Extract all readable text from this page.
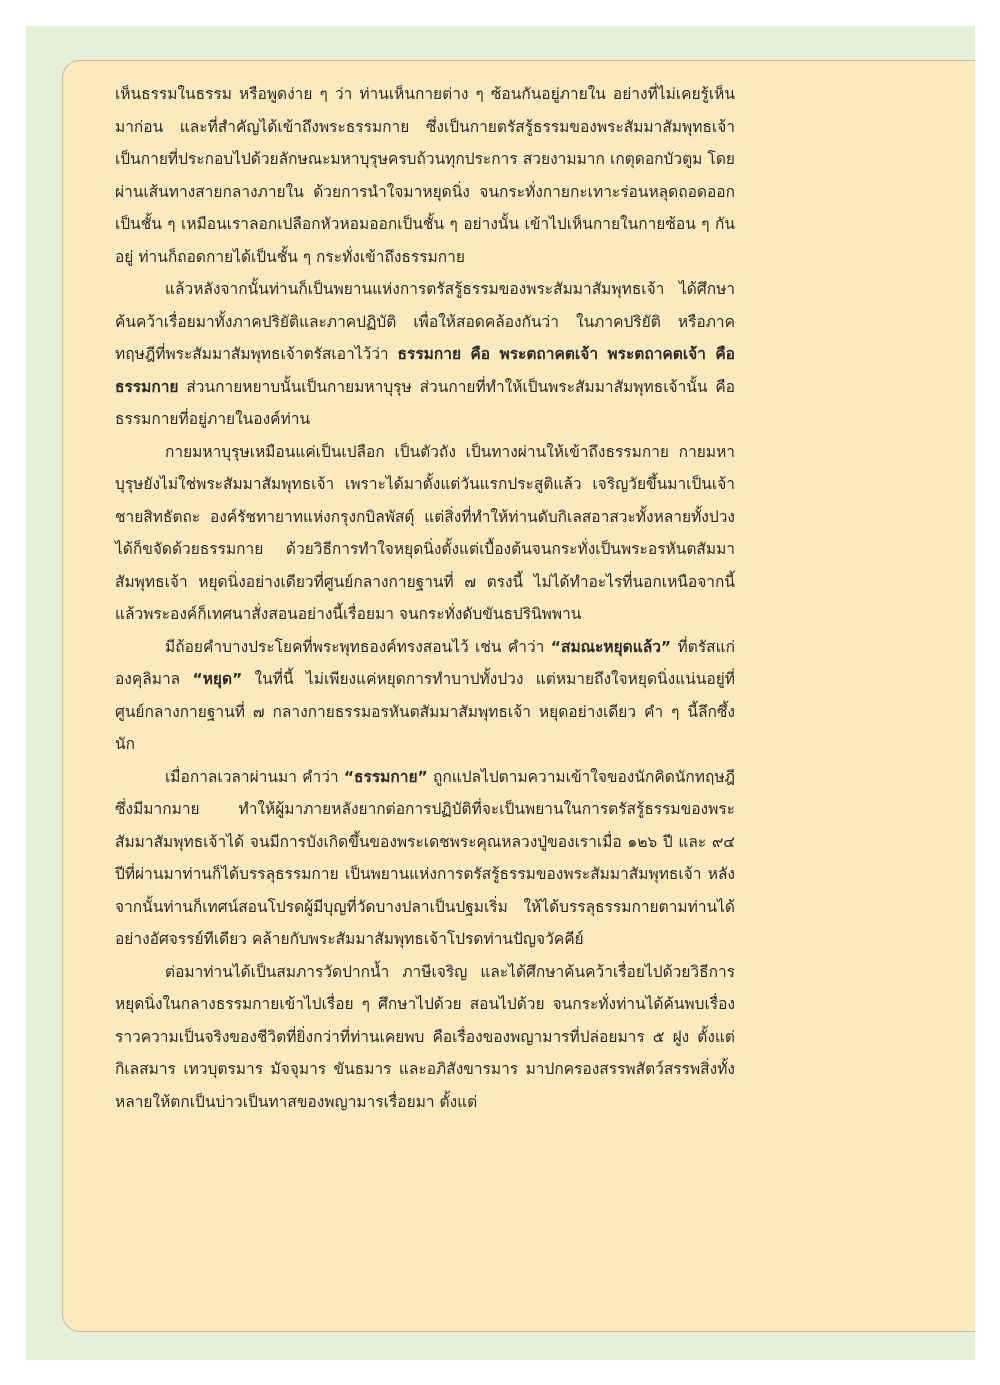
เห็นธรรมในธรรม หรือพูดง่าย ๆ ว่า ท่านเห็นกายต่าง ๆ ซ้อนกันอยู่ภายใน อย่างที่ไม่เคยรู้เห็นมาก่อน และที่สำคัญได้เข้าถึงพระธรรมกาย ซึ่งเป็นกายตรัสรู้ธรรมของพระสัมมาสัมพุทธเจ้า เป็นกายที่ประกอบไปด้วยลักษณะมหาบุรุษครบถ้วนทุกประการ สวยงามมาก เกตุดอกบัวตูม โดยผ่านเส้นทางสายกลางภายใน ด้วยการนำใจมาหยุดนิ่ง จนกระทั่งกายกะเทาะร่อนหลุดถอดออกเป็นชั้น ๆ เหมือนเราลอกเปลือกหัวหอมออกเป็นชั้น ๆ อย่างนั้น เข้าไปเห็นกายในกายซ้อน ๆ กันอยู่ ท่านก็ถอดกายได้เป็นชั้น ๆ กระทั่งเข้าถึงธรรมกาย

แล้วหลังจากนั้นท่านก็เป็นพยานแห่งการตรัสรู้ธรรมของพระสัมมาสัมพุทธเจ้า ได้ศึกษาค้นคว้าเรื่อยมาทั้งภาคปริยัติและภาคปฏิบัติ เพื่อให้สอดคล้องกันว่า ในภาคปริยัติ หรือภาคทฤษฎีที่พระสัมมาสัมพุทธเจ้าตรัสเอาไว้ว่า ธรรมกาย คือ พระตถาคตเจ้า พระตถาคตเจ้า คือ ธรรมกาย ส่วนกายหยาบนั้นเป็นกายมหาบุรุษ ส่วนกายที่ทำให้เป็นพระสัมมาสัมพุทธเจ้านั้น คือ ธรรมกายที่อยู่ภายในองค์ท่าน

กายมหาบุรุษเหมือนแค่เป็นเปลือก เป็นตัวถัง เป็นทางผ่านให้เข้าถึงธรรมกาย กายมหาบุรุษยังไม่ใช่พระสัมมาสัมพุทธเจ้า เพราะได้มาตั้งแต่วันแรกประสูติแล้ว เจริญวัยขึ้นมาเป็นเจ้าชายสิทธัตถะ องค์รัชทายาทแห่งกรุงกบิลพัสดุ์ แต่สิ่งที่ทำให้ท่านดับกิเลสอาสวะทั้งหลายทั้งปวงได้ก็ขจัดด้วยธรรมกาย ด้วยวิธีการทำใจหยุดนิ่งตั้งแต่เบื้องต้นจนกระทั่งเป็นพระอรหันตสัมมาสัมพุทธเจ้า หยุดนิ่งอย่างเดียวที่ศูนย์กลางกายฐานที่ ๗ ตรงนี้ ไม่ได้ทำอะไรที่นอกเหนือจากนี้ แล้วพระองค์ก็เทศนาสั่งสอนอย่างนี้เรื่อยมา จนกระทั่งดับขันธปรินิพพาน

มีถ้อยคำบางประโยคที่พระพุทธองค์ทรงสอนไว้ เช่น คำว่า “สมณะหยุดแล้ว” ที่ตรัสแก่องคุลิมาล “หยุด” ในที่นี้ ไม่เพียงแค่หยุดการทำบาปทั้งปวง แต่หมายถึงใจหยุดนิ่งแน่นอยู่ที่ศูนย์กลางกายฐานที่ ๗ กลางกายธรรมอรหันตสัมมาสัมพุทธเจ้า หยุดอย่างเดียว คำ ๆ นี้ลึกซึ้งนัก

เมื่อกาลเวลาผ่านมา คำว่า “ธรรมกาย” ถูกแปลไปตามความเข้าใจของนักคิดนักทฤษฎี ซึ่งมีมากมาย ทำให้ผู้มาภายหลังยากต่อการปฏิบัติที่จะเป็นพยานในการตรัสรู้ธรรมของพระสัมมาสัมพุทธเจ้าได้ จนมีการบังเกิดขึ้นของพระเดชพระคุณหลวงปู่ของเราเมื่อ ๑๒๖ ปี และ ๙๔ ปีที่ผ่านมาท่านก็ได้บรรลุธรรมกาย เป็นพยานแห่งการตรัสรู้ธรรมของพระสัมมาสัมพุทธเจ้า หลังจากนั้นท่านก็เทศน์สอนโปรดผู้มีบุญที่วัดบางปลาเป็นปฐมเริ่ม ให้ได้บรรลุธรรมกายตามท่านได้อย่างอัศจรรย์ทีเดียว คล้ายกับพระสัมมาสัมพุทธเจ้าโปรดท่านปัญจวัคคีย์

ต่อมาท่านได้เป็นสมภารวัดปากน้ำ ภาษีเจริญ และได้ศึกษาค้นคว้าเรื่อยไปด้วยวิธีการหยุดนิ่งในกลางธรรมกายเข้าไปเรื่อย ๆ ศึกษาไปด้วย สอนไปด้วย จนกระทั่งท่านได้ค้นพบเรื่องราวความเป็นจริงของชีวิตที่ยิ่งกว่าที่ท่านเคยพบ คือเรื่องของพญามารที่ปล่อยมาร ๕ ฝูง ตั้งแต่กิเลสมาร เทวบุตรมาร มัจจุมาร ขันธมาร และอภิสังขารมาร มาปกครองสรรพสัตว์สรรพสิ่งทั้งหลายให้ตกเป็นบ่าวเป็นทาสของพญามารเรื่อยมา ตั้งแต่
